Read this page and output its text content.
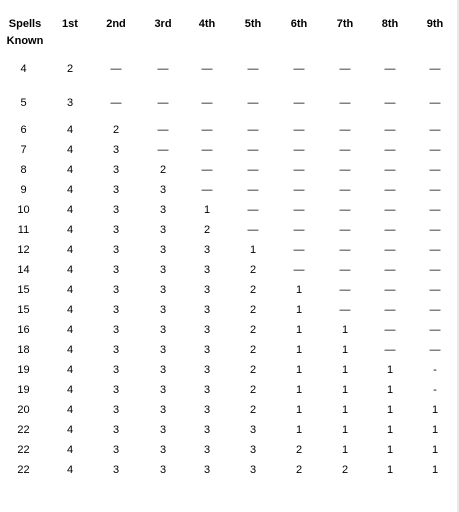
Spells Known	1st	2nd	3rd	4th	5th	6th	7th	8th	9th
4	2	—	—	—	—	—	—	—	—
5	3	—	—	—	—	—	—	—	—
6	4	2	—	—	—	—	—	—	—
7	4	3	—	—	—	—	—	—	—
8	4	3	2	—	—	—	—	—	—
9	4	3	3	—	—	—	—	—	—
10	4	3	3	1	—	—	—	—	—
11	4	3	3	2	—	—	—	—	—
12	4	3	3	3	1	—	—	—	—
14	4	3	3	3	2	—	—	—	—
15	4	3	3	3	2	1	—	—	—
15	4	3	3	3	2	1	—	—	—
16	4	3	3	3	2	1	1	—	—
18	4	3	3	3	2	1	1	—	—
19	4	3	3	3	2	1	1	1	-
19	4	3	3	3	2	1	1	1	-
20	4	3	3	3	2	1	1	1	1
22	4	3	3	3	3	1	1	1	1
22	4	3	3	3	3	2	1	1	1
22	4	3	3	3	3	2	2	1	1
